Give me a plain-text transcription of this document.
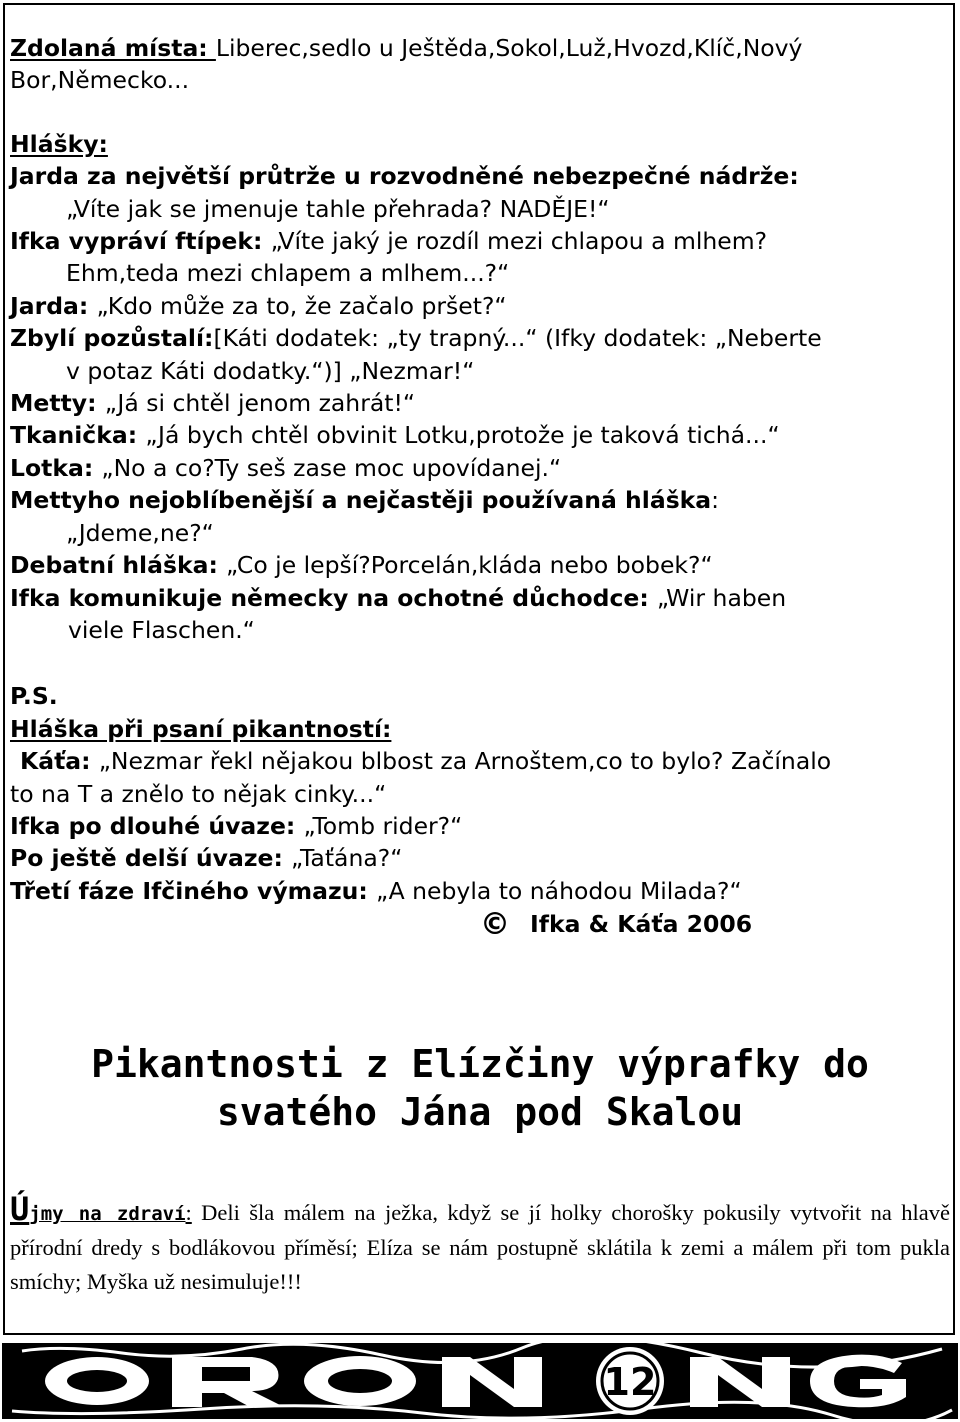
Zdolaná místa: Liberec,sedlo u Ještěda,Sokol,Luž,Hvozd,Klíč,Nový
Bor,Německo...
Hlášky:
Jarda za největší průtrže u rozvodněné nebezpečné nádrže:
„Víte jak se jmenuje tahle přehrada? NADĚJE!“
Ifka vypráví ftípek: „Víte jaký je rozdíl mezi chlapou a mlhem?
Ehm,teda mezi chlapem a mlhem...?“
Jarda: „Kdo může za to, že začalo pršet?“
Zbylí pozůstalí:[Káti dodatek: „ty trapný...“ (Ifky dodatek: „Neberte
v potaz Káti dodatky.“)] „Nezmar!“
Metty: „Já si chtěl jenom zahrát!“
Tkanička: „Já bych chtěl obvinit Lotku,protože je taková tichá...“
Lotka: „No a co?Ty seš zase moc upovídanej.“
Mettyho nejoblíbenější a nejčastěji používaná hláška:
„Jdeme,ne?“
Debatní hláška: „Co je lepší?Porcelán,kláda nebo bobek?“
Ifka komunikuje německy na ochotné důchodce: „Wir haben
viele Flaschen.“
P.S.
Hláška při psaní pikantností:
Káťa: „Nezmar řekl nějakou blbost za Arnoštem,co to bylo? Začínalo
to na T a znělo to nějak cinky...“
Ifka po dlouhé úvaze: „Tomb rider?“
Po ještě delší úvaze: „Taťána?“
Třetí fáze Ifčiného výmazu: „A nebyla to náhodou Milada?“
© Ifka & Káťa 2006
Pikantnosti z Elízčiny výprafky do
svatého Jána pod Skalou
Újmy na zdraví: Deli šla málem na ježka, když se jí holky chorošky pokusily vytvořit na hlavě přírodní dredy s bodlákovou příměsí; Elíza se nám postupně sklátila k zemi a málem při tom pukla smíchy; Myška už nesimuluje!!!
12
